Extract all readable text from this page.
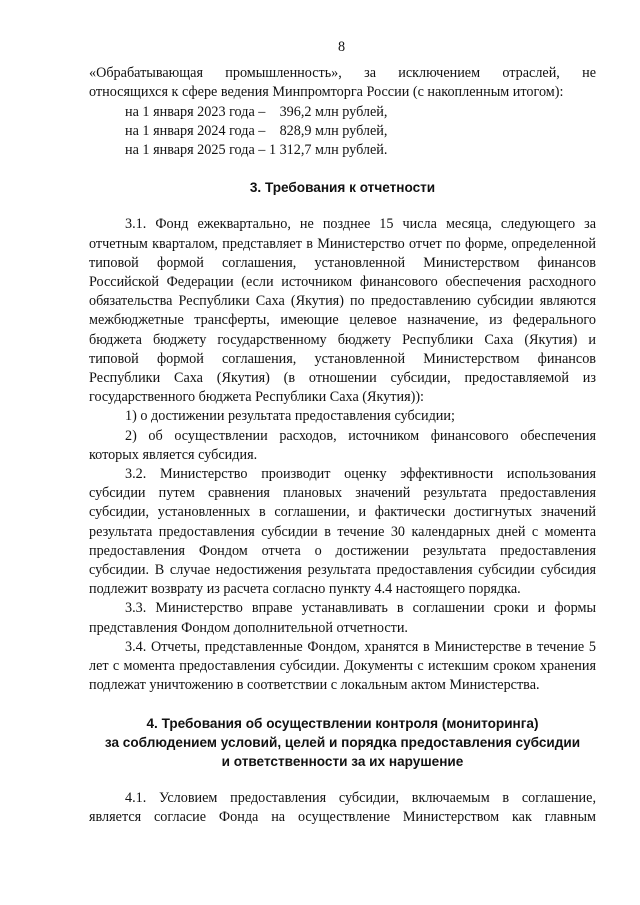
8

«Обрабатывающая промышленность», за исключением отраслей, не

относящихся к сфере ведения Минпромторга России (с накопленным итогом):

на 1 января 2023 года –    396,2 млн рублей,

на 1 января 2024 года –    828,9 млн рублей,

на 1 января 2025 года – 1 312,7 млн рублей.

3. Требования к отчетности

3.1. Фонд ежеквартально, не позднее 15 числа месяца, следующего за отчетным кварталом, представляет в Министерство отчет по форме, определенной типовой формой соглашения, установленной Министерством финансов Российской Федерации (если источником финансового обеспечения расходного обязательства Республики Саха (Якутия) по предоставлению субсидии являются межбюджетные трансферты, имеющие целевое назначение, из федерального бюджета бюджету государственному бюджету Республики Саха (Якутия) и типовой формой соглашения, установленной Министерством финансов Республики Саха (Якутия) (в отношении субсидии, предоставляемой из государственного бюджета Республики Саха (Якутия)):

1) о достижении результата предоставления субсидии;

2) об осуществлении расходов, источником финансового обеспечения которых является субсидия.

3.2. Министерство производит оценку эффективности использования субсидии путем сравнения плановых значений результата предоставления субсидии, установленных в соглашении, и фактически достигнутых значений результата предоставления субсидии в течение 30 календарных дней с момента предоставления Фондом отчета о достижении результата предоставления субсидии. В случае недостижения результата предоставления субсидии субсидия подлежит возврату из расчета согласно пункту 4.4 настоящего порядка.

3.3. Министерство вправе устанавливать в соглашении сроки и формы представления Фондом дополнительной отчетности.

3.4. Отчеты, представленные Фондом, хранятся в Министерстве в течение 5 лет с момента предоставления субсидии. Документы с истекшим сроком хранения подлежат уничтожению в соответствии с локальным актом Министерства.

4. Требования об осуществлении контроля (мониторинга)
за соблюдением условий, целей и порядка предоставления субсидии
и ответственности за их нарушение

4.1. Условием предоставления субсидии, включаемым в соглашение, является согласие Фонда на осуществление Министерством как главным
